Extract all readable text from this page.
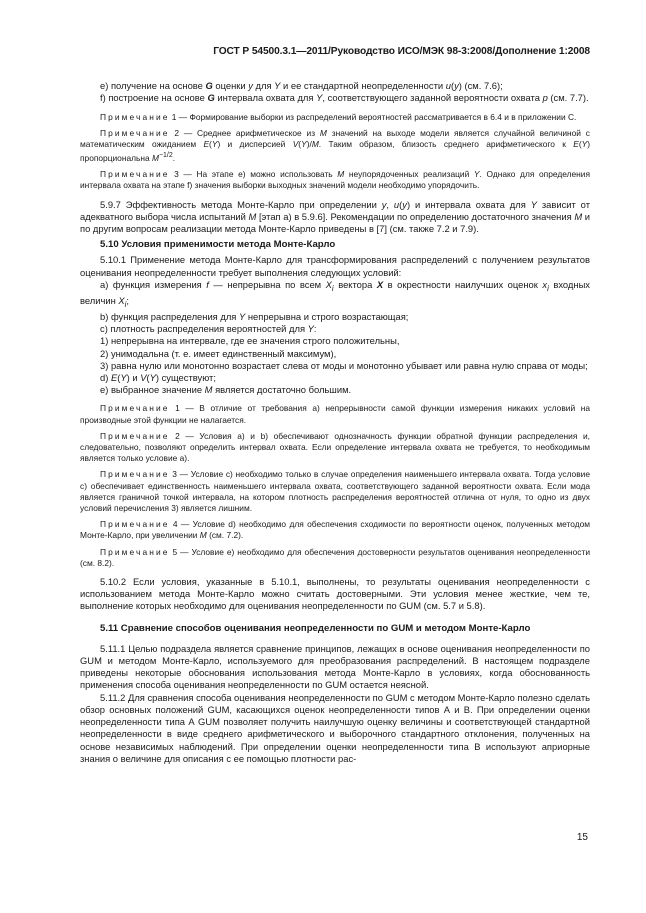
ГОСТ Р 54500.3.1—2011/Руководство ИСО/МЭК 98-3:2008/Дополнение 1:2008

е) получение на основе G оценки y для Y и ее стандартной неопределенности u(y) (см. 7.6);

f) построение на основе G интервала охвата для Y, соответствующего заданной вероятности охвата p (см. 7.7).

Примечание 1 — Формирование выборки из распределений вероятностей рассматривается в 6.4 и в приложении С.

Примечание 2 — Среднее арифметическое из M значений на выходе модели является случайной величиной с математическим ожиданием E(Y) и дисперсией V(Y)/M. Таким образом, близость среднего арифметического к E(Y) пропорциональна $M^{-1/2}$.

Примечание 3 — На этапе е) можно использовать M неупорядоченных реализаций Y. Однако для определения интервала охвата на этапе f) значения выборки выходных значений модели необходимо упорядочить.

5.9.7 Эффективность метода Монте-Карло при определении y, u(y) и интервала охвата для Y зависит от адекватного выбора числа испытаний M [этап а) в 5.9.6]. Рекомендации по определению достаточного значения M и по другим вопросам реализации метода Монте-Карло приведены в [7] (см. также 7.2 и 7.9).

5.10 Условия применимости метода Монте-Карло

5.10.1 Применение метода Монте-Карло для трансформирования распределений с получением результатов оценивания неопределенности требует выполнения следующих условий:

а) функция измерения f — непрерывна по всем $X_i$ вектора X в окрестности наилучших оценок $x_i$ входных величин $X_i$;

b) функция распределения для Y непрерывна и строго возрастающая;

с) плотность распределения вероятностей для Y:

1) непрерывна на интервале, где ее значения строго положительны,

2) унимодальна (т. е. имеет единственный максимум),

3) равна нулю или монотонно возрастает слева от моды и монотонно убывает или равна нулю справа от моды;

d) E(Y) и V(Y) существуют;

е) выбранное значение M является достаточно большим.

Примечание 1 — В отличие от требования а) непрерывности самой функции измерения никаких условий на производные этой функции не налагается.

Примечание 2 — Условия а) и b) обеспечивают однозначность функции обратной функции распределения и, следовательно, позволяют определить интервал охвата. Если определение интервала охвата не требуется, то необходимым является только условие а).

Примечание 3 — Условие с) необходимо только в случае определения наименьшего интервала охвата. Тогда условие с) обеспечивает единственность наименьшего интервала охвата, соответствующего заданной вероятности охвата. Если мода является граничной точкой интервала, на котором плотность распределения вероятностей отлична от нуля, то одно из двух условий перечисления 3) является лишним.

Примечание 4 — Условие d) необходимо для обеспечения сходимости по вероятности оценок, полученных методом Монте-Карло, при увеличении M (см. 7.2).

Примечание 5 — Условие е) необходимо для обеспечения достоверности результатов оценивания неопределенности (см. 8.2).

5.10.2 Если условия, указанные в 5.10.1, выполнены, то результаты оценивания неопределенности с использованием метода Монте-Карло можно считать достоверными. Эти условия менее жесткие, чем те, выполнение которых необходимо для оценивания неопределенности по GUM (см. 5.7 и 5.8).

5.11 Сравнение способов оценивания неопределенности по GUM и методом Монте-Карло

5.11.1 Целью подраздела является сравнение принципов, лежащих в основе оценивания неопределенности по GUM и методом Монте-Карло, используемого для преобразования распределений. В настоящем подразделе приведены некоторые обоснования использования метода Монте-Карло в условиях, когда обоснованность применения способа оценивания неопределенности по GUM остается неясной.

5.11.2 Для сравнения способа оценивания неопределенности по GUM с методом Монте-Карло полезно сделать обзор основных положений GUM, касающихся оценок неопределенности типов А и В. При определении оценки неопределенности типа А GUM позволяет получить наилучшую оценку величины и соответствующей стандартной неопределенности в виде среднего арифметического и выборочного стандартного отклонения, полученных на основе независимых наблюдений. При определении оценки неопределенности типа В используют априорные знания о величине для описания с ее помощью плотности рас-

15
